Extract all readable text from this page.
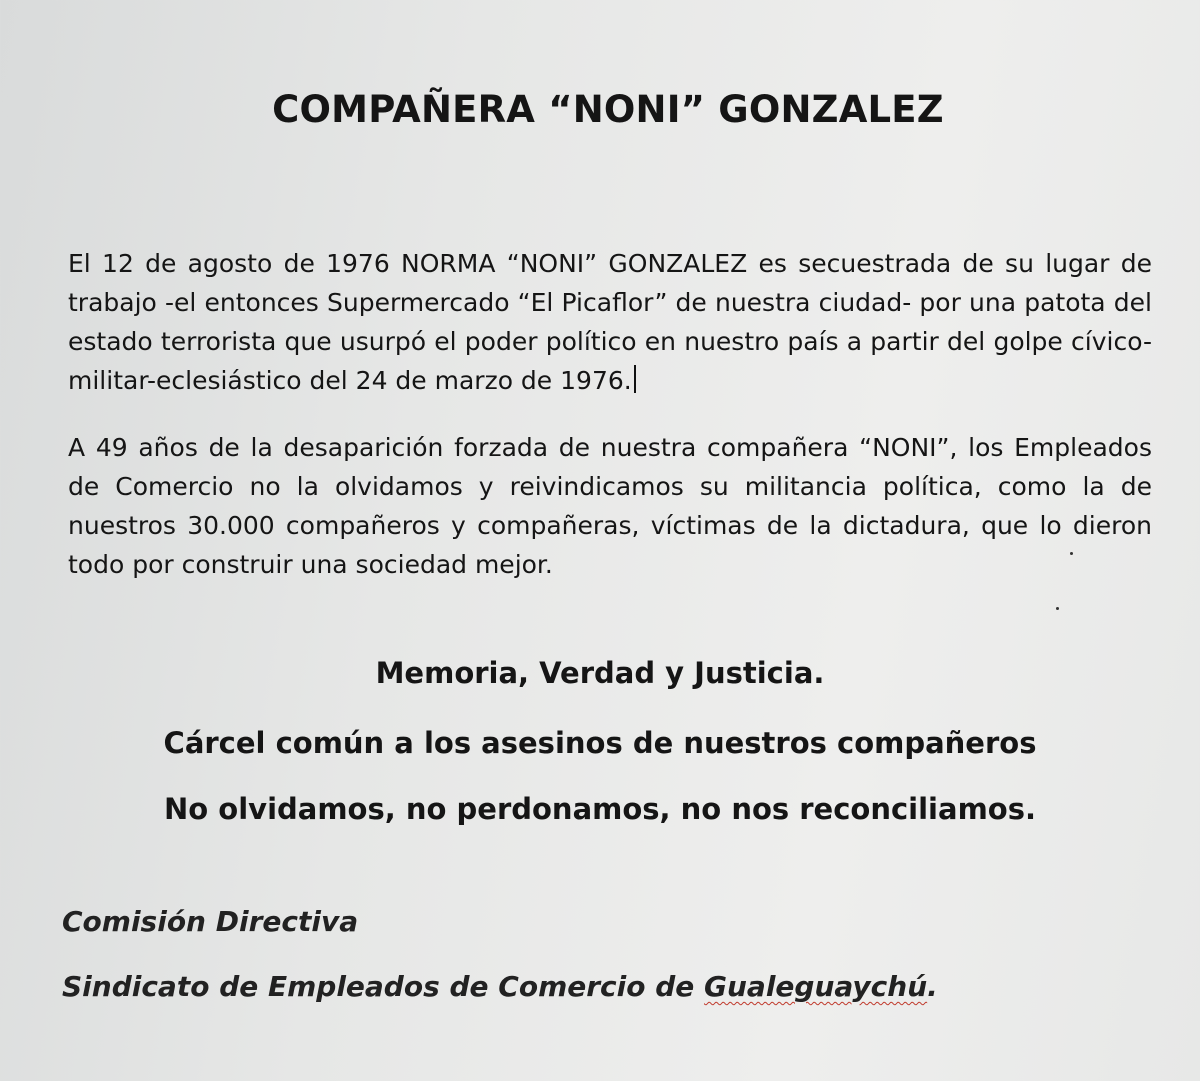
COMPAÑERA “NONI” GONZALEZ
El 12 de agosto de 1976 NORMA “NONI” GONZALEZ es secuestrada de su lugar de trabajo -el entonces Supermercado “El Picaflor” de nuestra ciudad- por una patota del estado terrorista que usurpó el poder político en nuestro país a partir del golpe cívico-militar-eclesiástico del 24 de marzo de 1976.
A 49 años de la desaparición forzada de nuestra compañera “NONI”, los Empleados de Comercio no la olvidamos y reivindicamos su militancia política, como la de nuestros 30.000 compañeros y compañeras, víctimas de la dictadura, que lo dieron todo por construir una sociedad mejor.
Memoria, Verdad y Justicia.
Cárcel común a los asesinos de nuestros compañeros
No olvidamos, no perdonamos, no nos reconciliamos.
Comisión Directiva
Sindicato de Empleados de Comercio de Gualeguaychú.
